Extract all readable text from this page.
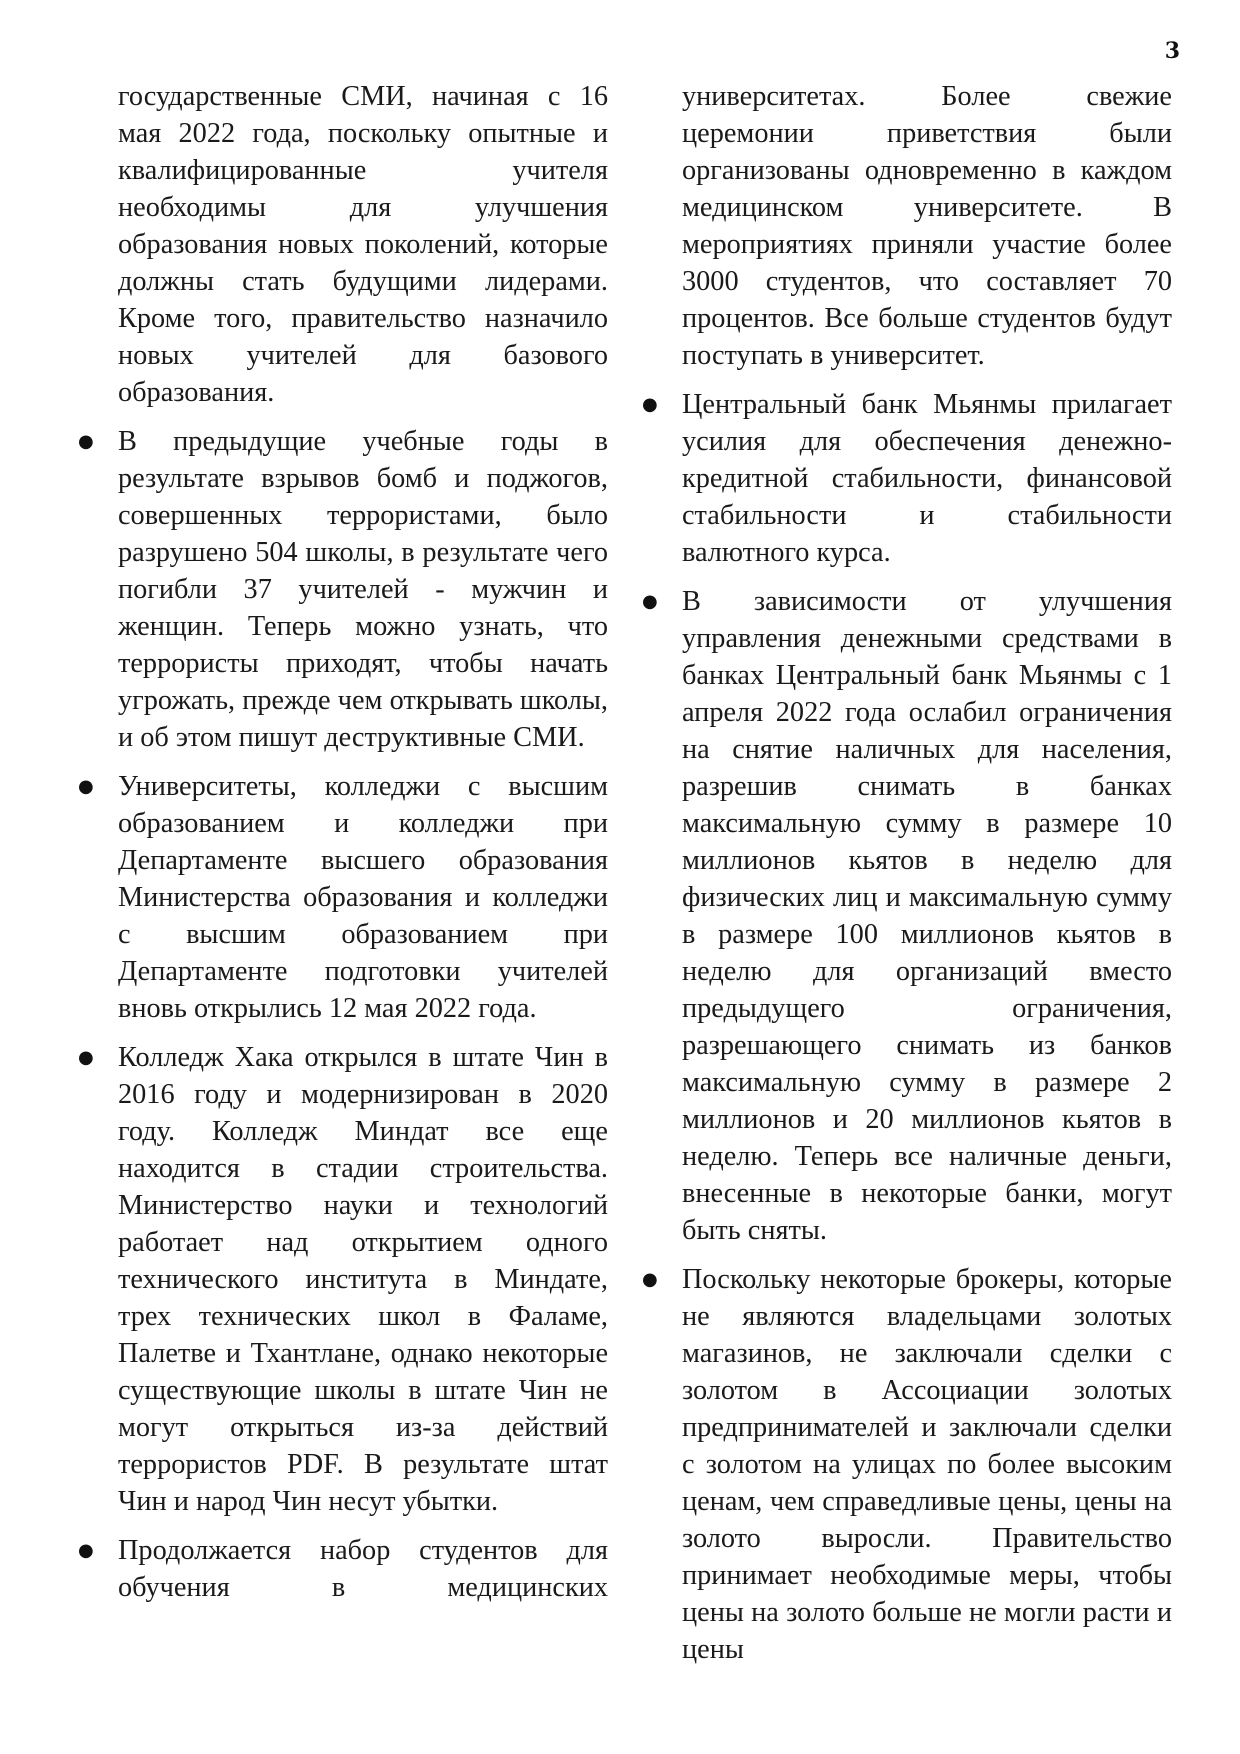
3
государственные СМИ, начиная с 16 мая 2022 года, поскольку опытные и квалифицированные учителя необходимы для улучшения образования новых поколений, которые должны стать будущими лидерами. Кроме того, правительство назначило новых учителей для базового образования.
● В предыдущие учебные годы в результате взрывов бомб и поджогов, совершенных террористами, было разрушено 504 школы, в результате чего погибли 37 учителей - мужчин и женщин. Теперь можно узнать, что террористы приходят, чтобы начать угрожать, прежде чем открывать школы, и об этом пишут деструктивные СМИ.
● Университеты, колледжи с высшим образованием и колледжи при Департаменте высшего образования Министерства образования и колледжи с высшим образованием при Департаменте подготовки учителей вновь открылись 12 мая 2022 года.
● Колледж Хака открылся в штате Чин в 2016 году и модернизирован в 2020 году. Колледж Миндат все еще находится в стадии строительства. Министерство науки и технологий работает над открытием одного технического института в Миндате, трех технических школ в Фаламе, Палетве и Тхантлане, однако некоторые существующие школы в штате Чин не могут открыться из-за действий террористов PDF. В результате штат Чин и народ Чин несут убытки.
● Продолжается набор студентов для обучения в медицинских
университетах. Более свежие церемонии приветствия были организованы одновременно в каждом медицинском университете. В мероприятиях приняли участие более 3000 студентов, что составляет 70 процентов. Все больше студентов будут поступать в университет.
● Центральный банк Мьянмы прилагает усилия для обеспечения денежно-кредитной стабильности, финансовой стабильности и стабильности валютного курса.
● В зависимости от улучшения управления денежными средствами в банках Центральный банк Мьянмы с 1 апреля 2022 года ослабил ограничения на снятие наличных для населения, разрешив снимать в банках максимальную сумму в размере 10 миллионов кьятов в неделю для физических лиц и максимальную сумму в размере 100 миллионов кьятов в неделю для организаций вместо предыдущего ограничения, разрешающего снимать из банков максимальную сумму в размере 2 миллионов и 20 миллионов кьятов в неделю. Теперь все наличные деньги, внесенные в некоторые банки, могут быть сняты.
● Поскольку некоторые брокеры, которые не являются владельцами золотых магазинов, не заключали сделки с золотом в Ассоциации золотых предпринимателей и заключали сделки с золотом на улицах по более высоким ценам, чем справедливые цены, цены на золото выросли. Правительство принимает необходимые меры, чтобы цены на золото больше не могли расти и цены
